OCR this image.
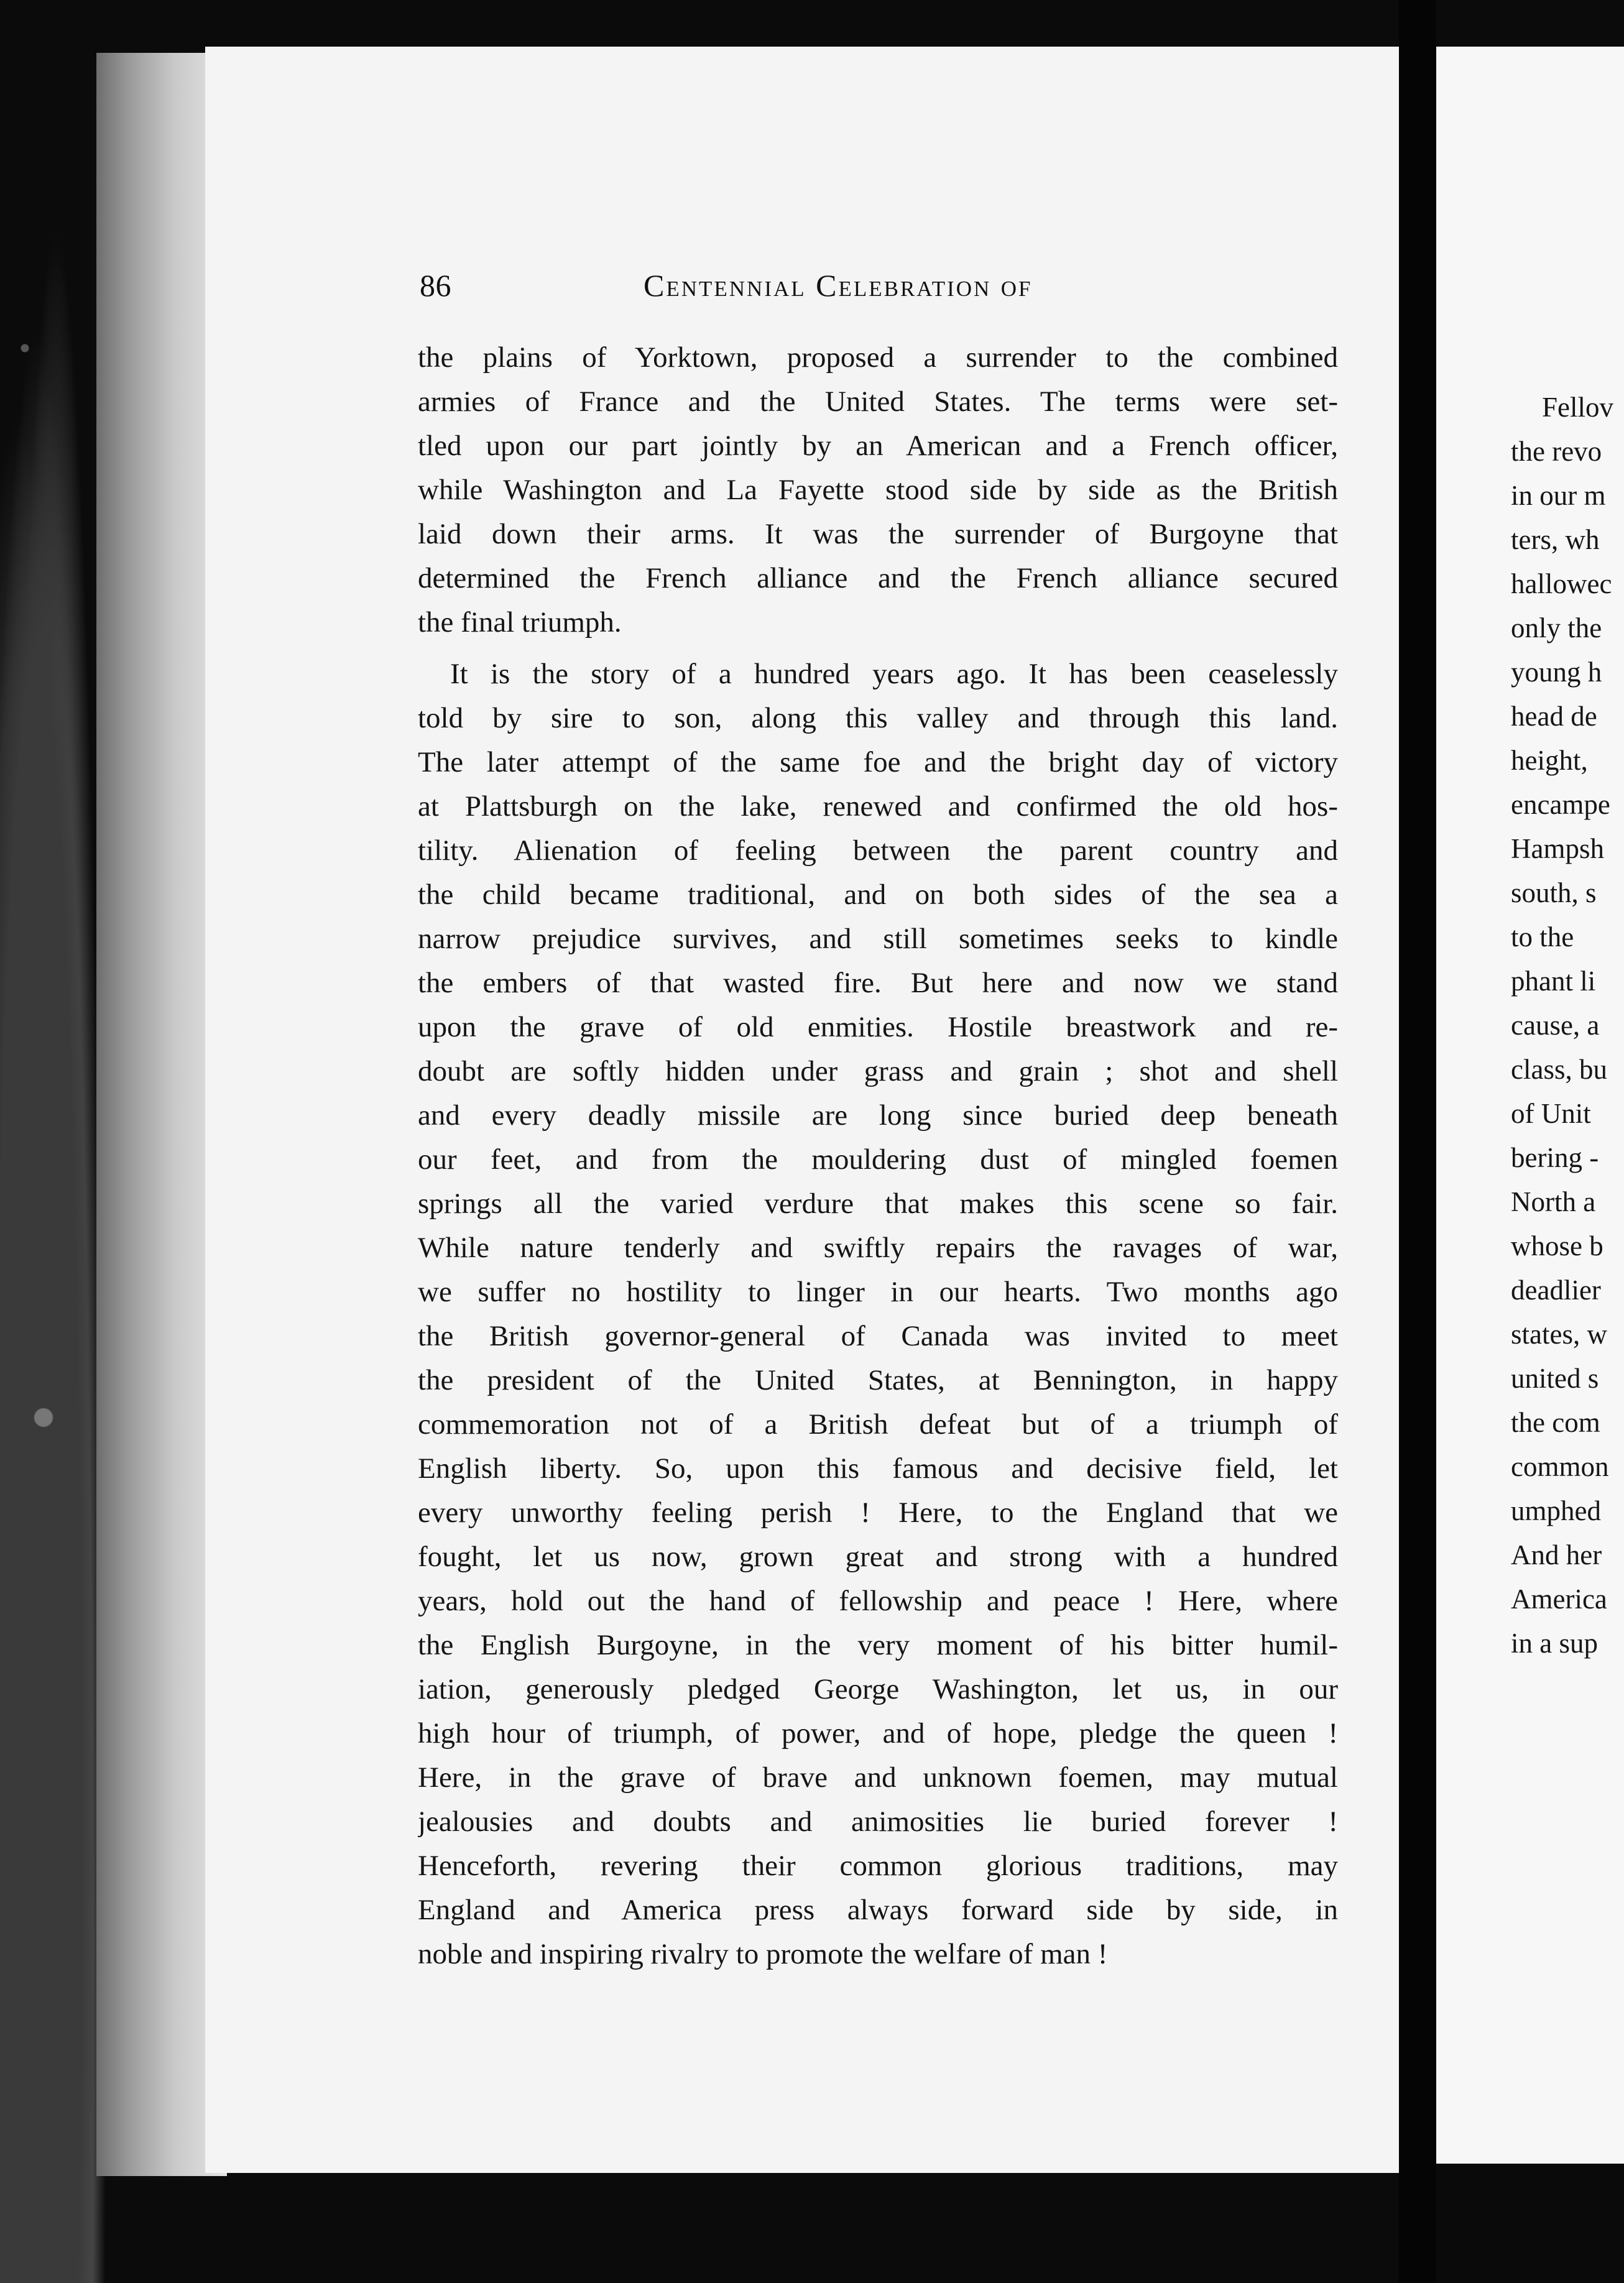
Fellov
the revo
in our m
ters, wh
hallowec
only the
young h
head de
height,
encampe
Hampsh
south, s
to the
phant li
cause, a
class, bu
of Unit
bering -
North a
whose b
deadlier
states, w
united s
the com
common
umphed
And her
America
in a sup
86	Centennial Celebration of
the plains of Yorktown, proposed a surrender to the combined
armies of France and the United States. The terms were set-
tled upon our part jointly by an American and a French officer,
while Washington and La Fayette stood side by side as the British
laid down their arms. It was the surrender of Burgoyne that
determined the French alliance and the French alliance secured
the final triumph.
It is the story of a hundred years ago. It has been ceaselessly
told by sire to son, along this valley and through this land.
The later attempt of the same foe and the bright day of victory
at Plattsburgh on the lake, renewed and confirmed the old hos-
tility. Alienation of feeling between the parent country and
the child became traditional, and on both sides of the sea a
narrow prejudice survives, and still sometimes seeks to kindle
the embers of that wasted fire. But here and now we stand
upon the grave of old enmities. Hostile breastwork and re-
doubt are softly hidden under grass and grain ; shot and shell
and every deadly missile are long since buried deep beneath
our feet, and from the mouldering dust of mingled foemen
springs all the varied verdure that makes this scene so fair.
While nature tenderly and swiftly repairs the ravages of war,
we suffer no hostility to linger in our hearts. Two months ago
the British governor-general of Canada was invited to meet
the president of the United States, at Bennington, in happy
commemoration not of a British defeat but of a triumph of
English liberty. So, upon this famous and decisive field, let
every unworthy feeling perish ! Here, to the England that we
fought, let us now, grown great and strong with a hundred
years, hold out the hand of fellowship and peace ! Here, where
the English Burgoyne, in the very moment of his bitter humil-
iation, generously pledged George Washington, let us, in our
high hour of triumph, of power, and of hope, pledge the queen !
Here, in the grave of brave and unknown foemen, may mutual
jealousies and doubts and animosities lie buried forever !
Henceforth, revering their common glorious traditions, may
England and America press always forward side by side, in
noble and inspiring rivalry to promote the welfare of man !
